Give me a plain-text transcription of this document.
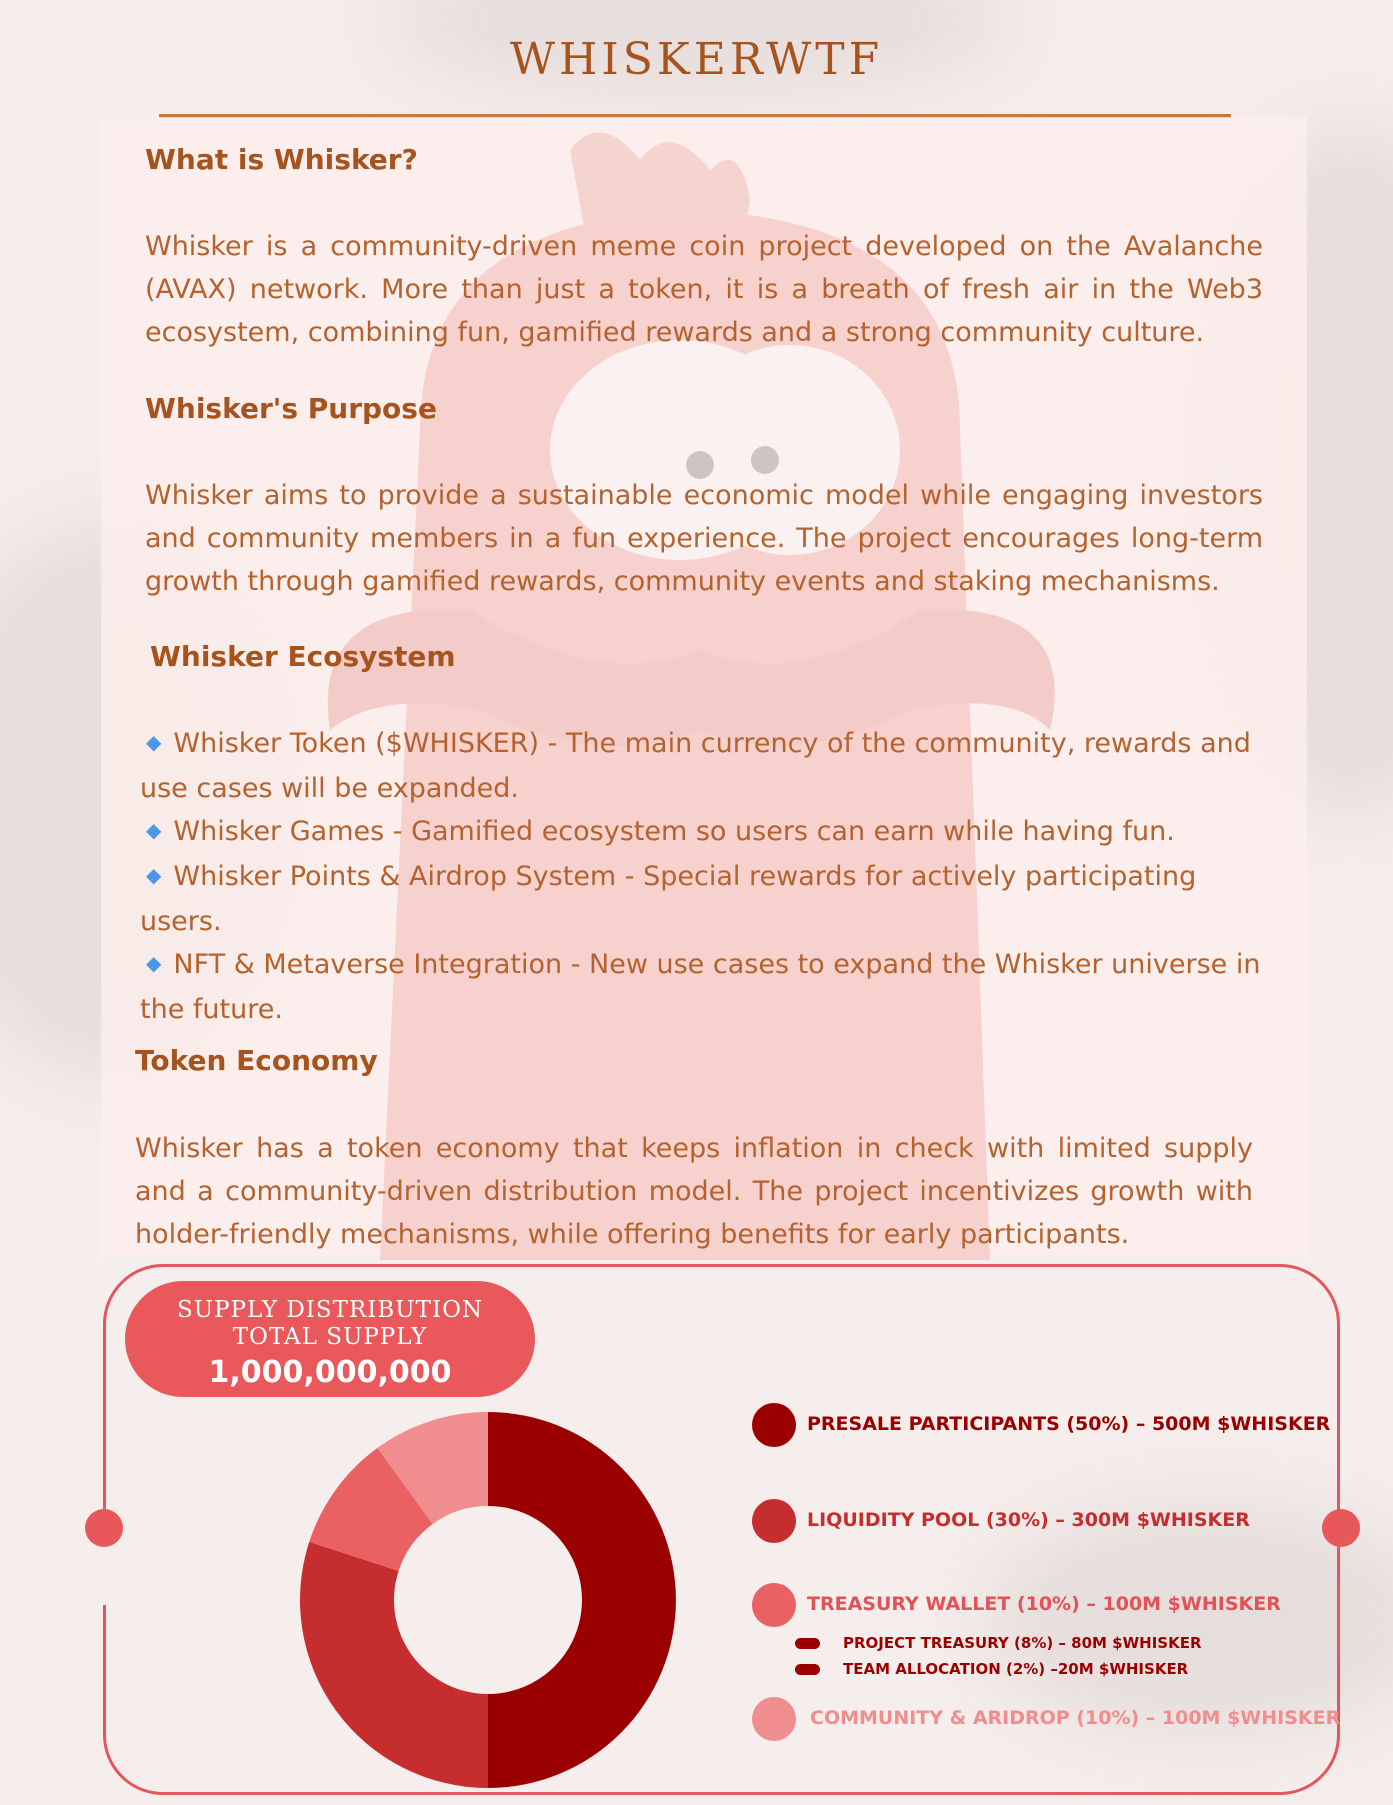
WHISKERWTF
What is Whisker?

Whisker is a community-driven meme coin project developed on the Avalanche (AVAX) network. More than just a token, it is a breath of fresh air in the Web3 ecosystem, combining fun, gamified rewards and a strong community culture.

Whisker's Purpose

Whisker aims to provide a sustainable economic model while engaging investors and community members in a fun experience. The project encourages long-term growth through gamified rewards, community events and staking mechanisms.

Whisker Ecosystem
◆ Whisker Token ($WHISKER) - The main currency of the community, rewards and use cases will be expanded.
◆ Whisker Games - Gamified ecosystem so users can earn while having fun.
◆ Whisker Points & Airdrop System - Special rewards for actively participating users.
◆ NFT & Metaverse Integration - New use cases to expand the Whisker universe in the future.
Token Economy

Whisker has a token economy that keeps inflation in check with limited supply and a community-driven distribution model. The project incentivizes growth with holder-friendly mechanisms, while offering benefits for early participants.

SUPPLY DISTRIBUTION
TOTAL SUPPLY
1,000,000,000
PRESALE PARTICIPANTS (50%) – 500M $WHISKER
LIQUIDITY POOL (30%) – 300M $WHISKER
TREASURY WALLET (10%) – 100M $WHISKER
PROJECT TREASURY (8%) – 80M $WHISKER
TEAM ALLOCATION (2%) –20M $WHISKER
COMMUNITY & ARIDROP (10%) – 100M $WHISKER
